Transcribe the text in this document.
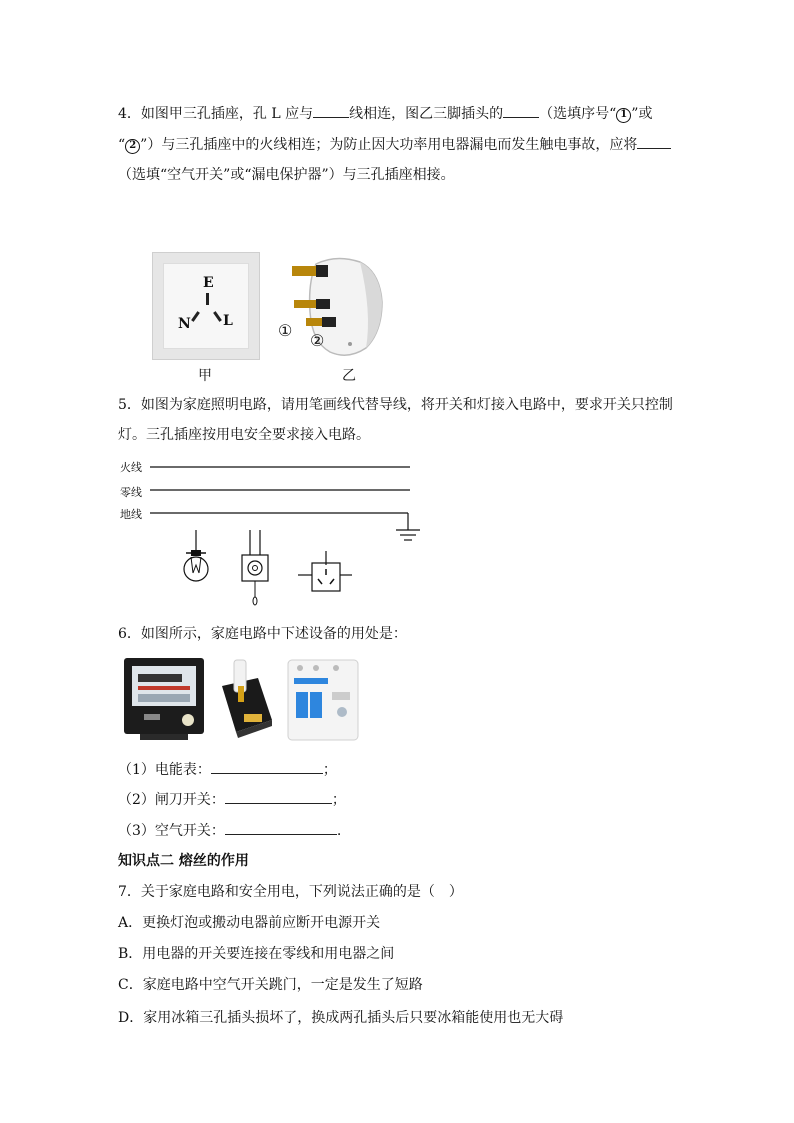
4．如图甲三孔插座，孔 L 应与	线相连，图乙三脚插头的	（选填序号“ 1 ”或
“ 2 ”）与三孔插座中的火线相连；为防止因大功率用电器漏电而发生触电事故，应将
（选填“空气开关”或“漏电保护器”）与三孔插座相接。
E
N L
甲
①
②
乙
5．如图为家庭照明电路，请用笔画线代替导线，将开关和灯接入电路中，要求开关只控制
灯。三孔插座按用电安全要求接入电路。
火线
零线
地线
6．如图所示，家庭电路中下述设备的用处是：
（1）电能表：	；
（2）闸刀开关：	；
（3）空气开关：	.
知识点二 熔丝的作用
7．关于家庭电路和安全用电，下列说法正确的是（　）
A．更换灯泡或搬动电器前应断开电源开关
B．用电器的开关要连接在零线和用电器之间
C．家庭电路中空气开关跳门，一定是发生了短路
D．家用冰箱三孔插头损坏了，换成两孔插头后只要冰箱能使用也无大碍
